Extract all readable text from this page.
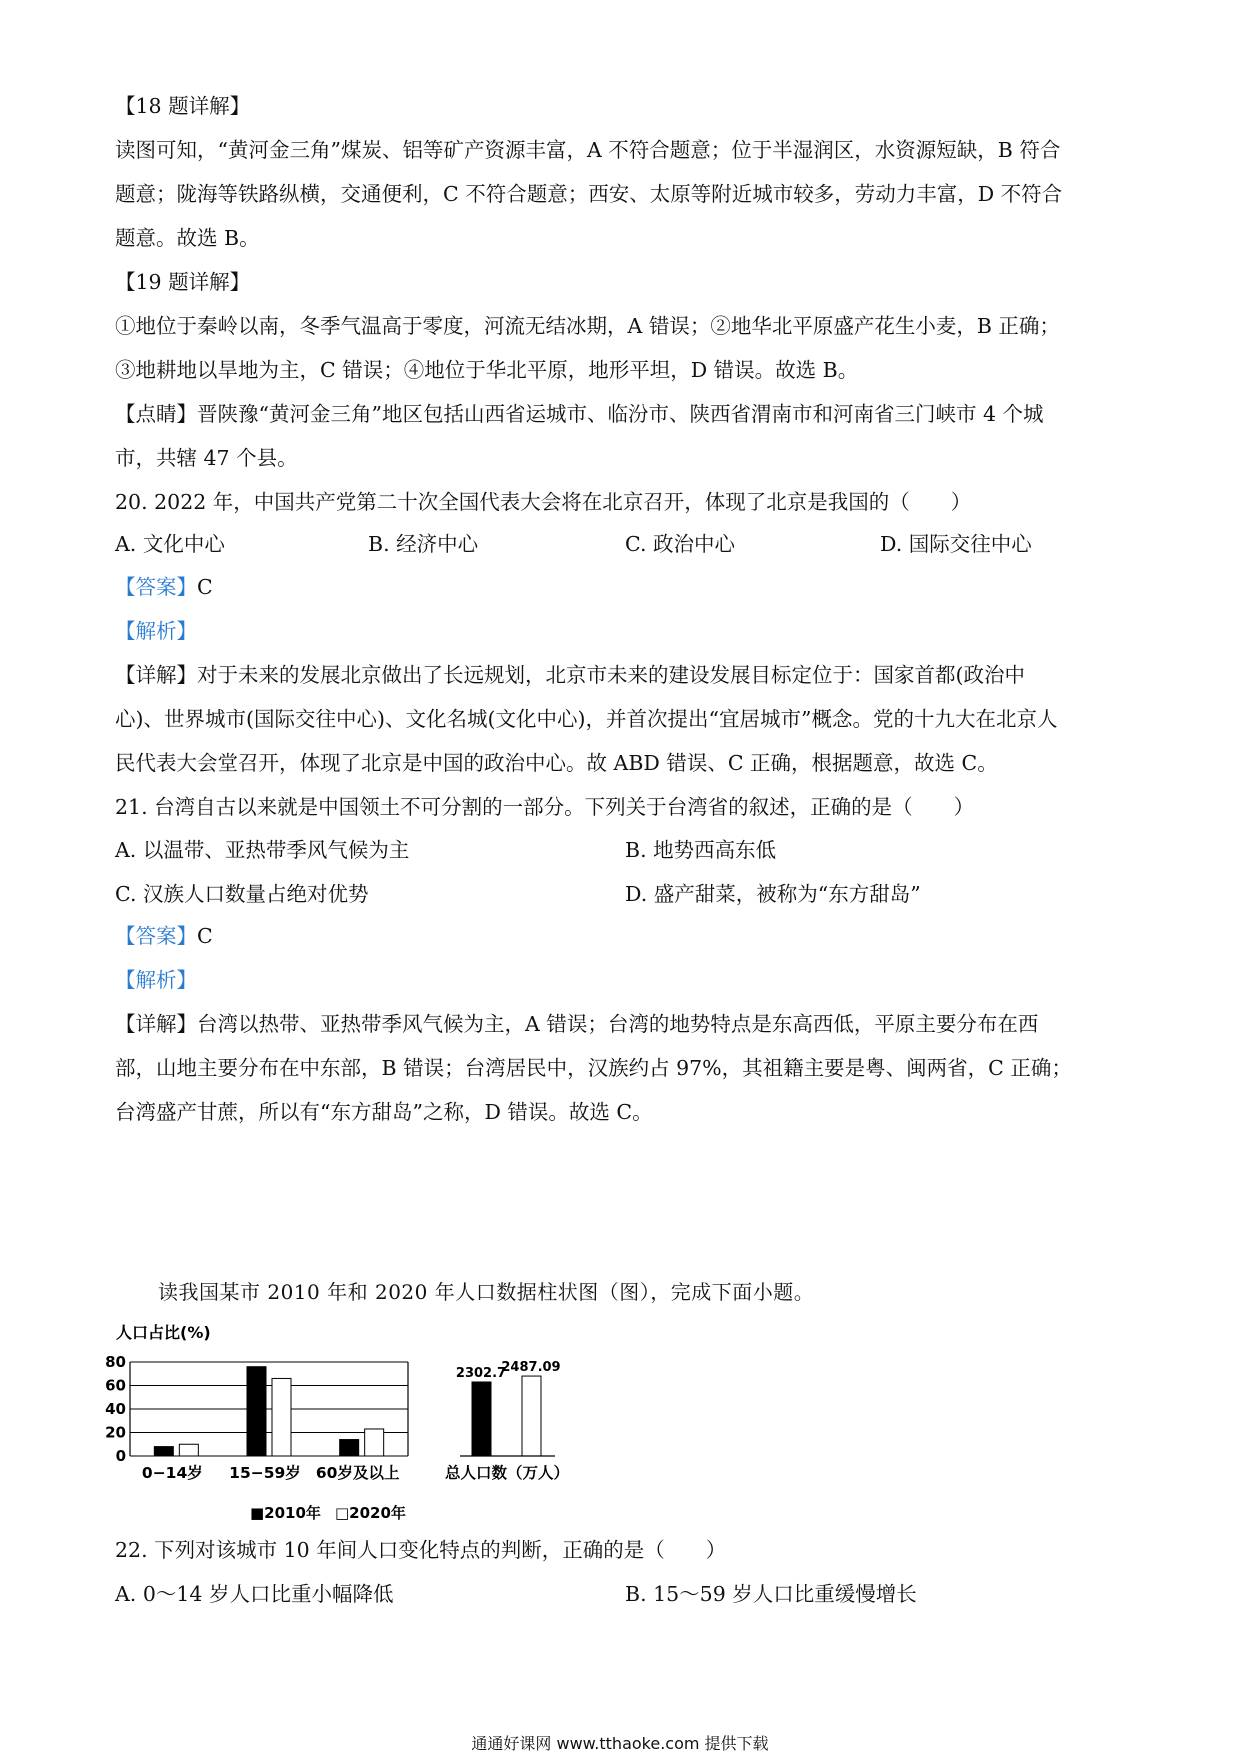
【18 题详解】
读图可知，“黄河金三角”煤炭、铝等矿产资源丰富，A 不符合题意；位于半湿润区，水资源短缺，B 符合
题意；陇海等铁路纵横，交通便利，C 不符合题意；西安、太原等附近城市较多，劳动力丰富，D 不符合
题意。故选 B。
【19 题详解】
①地位于秦岭以南，冬季气温高于零度，河流无结冰期，A 错误；②地华北平原盛产花生小麦，B 正确；
③地耕地以旱地为主，C 错误；④地位于华北平原，地形平坦，D 错误。故选 B。
【点睛】晋陕豫“黄河金三角”地区包括山西省运城市、临汾市、陕西省渭南市和河南省三门峡市 4 个城
市，共辖 47 个县。
20. 2022 年，中国共产党第二十次全国代表大会将在北京召开，体现了北京是我国的（　　）
A. 文化中心	B. 经济中心	C. 政治中心	D. 国际交往中心
【答案】C
【解析】
【详解】对于未来的发展北京做出了长远规划，北京市未来的建设发展目标定位于：国家首都(政治中
心)、世界城市(国际交往中心)、文化名城(文化中心)，并首次提出“宜居城市”概念。党的十九大在北京人
民代表大会堂召开，体现了北京是中国的政治中心。故 ABD 错误、C 正确，根据题意，故选 C。
21. 台湾自古以来就是中国领土不可分割的一部分。下列关于台湾省的叙述，正确的是（　　）
A. 以温带、亚热带季风气候为主	B. 地势西高东低
C. 汉族人口数量占绝对优势	D. 盛产甜菜，被称为“东方甜岛”
【答案】C
【解析】
【详解】台湾以热带、亚热带季风气候为主，A 错误；台湾的地势特点是东高西低，平原主要分布在西
部，山地主要分布在中东部，B 错误；台湾居民中，汉族约占 97%，其祖籍主要是粤、闽两省，C 正确；
台湾盛产甘蔗，所以有“东方甜岛”之称，D 错误。故选 C。
读我国某市 2010 年和 2020 年人口数据柱状图（图），完成下面小题。
人口占比(%)
80
60
40
20
0
0−14岁 15−59岁 60岁及以上
2302.7
2487.09
总人口数（万人）
■2010年 □2020年
22. 下列对该城市 10 年间人口变化特点的判断，正确的是（　　）
A. 0～14 岁人口比重小幅降低	B. 15～59 岁人口比重缓慢增长
通通好课网 www.tthaoke.com 提供下载
